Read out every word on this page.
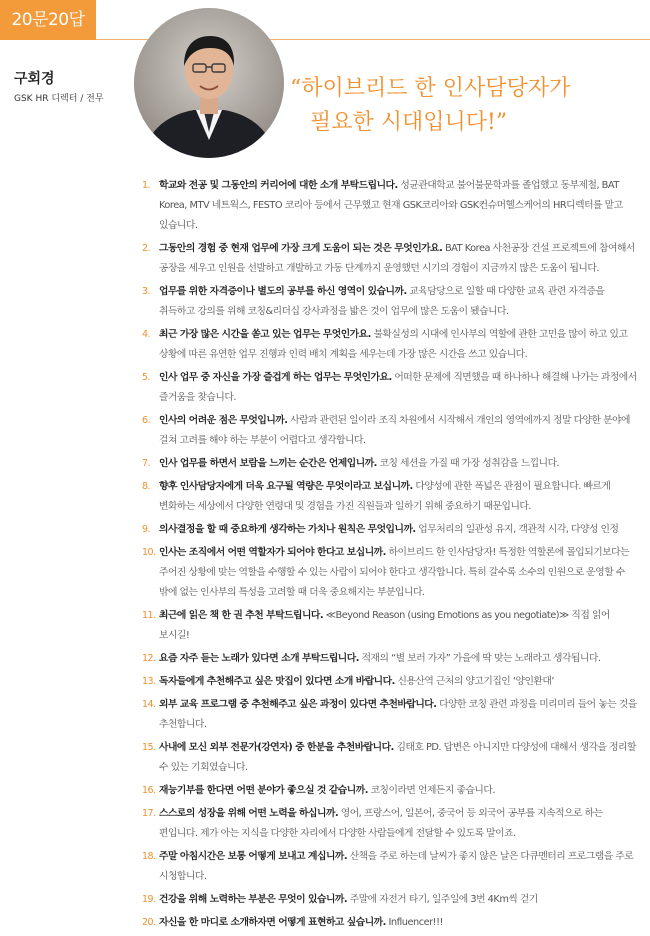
20문20답
구회경
GSK HR 디렉터 / 전무	“하이브리드 한 인사담당자가
필요한 시대입니다!”
1. 학교와 전공 및 그동안의 커리어에 대한 소개 부탁드립니다. 성균관대학교 불어불문학과를 졸업했고 동부제철, BAT Korea, MTV 네트웍스, FESTO 코리아 등에서 근무했고 현재 GSK코리아와 GSK컨슈머헬스케어의 HR디렉터를 맡고 있습니다.
2. 그동안의 경험 중 현재 업무에 가장 크게 도움이 되는 것은 무엇인가요. BAT Korea 사천공장 건설 프로젝트에 참여해서 공장을 세우고 인원을 선발하고 개발하고 가동 단계까지 운영했던 시기의 경험이 지금까지 많은 도움이 됩니다.
3. 업무를 위한 자격증이나 별도의 공부를 하신 영역이 있습니까. 교육담당으로 일할 때 다양한 교육 관련 자격증을 취득하고 강의를 위해 코칭&리더십 강사과정을 밟은 것이 업무에 많은 도움이 됐습니다.
4. 최근 가장 많은 시간을 쏟고 있는 업무는 무엇인가요. 불확실성의 시대에 인사부의 역할에 관한 고민을 많이 하고 있고 상황에 따른 유연한 업무 진행과 인력 배치 계획을 세우는데 가장 많은 시간을 쓰고 있습니다.
5. 인사 업무 중 자신을 가장 즐겁게 하는 업무는 무엇인가요. 어떠한 문제에 직면했을 때 하나하나 해결해 나가는 과정에서 즐거움을 찾습니다.
6. 인사의 어려운 점은 무엇입니까. 사람과 관련된 일이라 조직 차원에서 시작해서 개인의 영역에까지 정말 다양한 분야에 걸쳐 고려를 해야 하는 부분이 어렵다고 생각합니다.
7. 인사 업무를 하면서 보람을 느끼는 순간은 언제입니까. 코칭 세션을 가질 때 가장 성취감을 느낍니다.
8. 향후 인사담당자에게 더욱 요구될 역량은 무엇이라고 보십니까. 다양성에 관한 폭넓은 관점이 필요합니다. 빠르게 변화하는 세상에서 다양한 연령대 및 경험을 가진 직원들과 일하기 위해 중요하기 때문입니다.
9. 의사결정을 할 때 중요하게 생각하는 가치나 원칙은 무엇입니까. 업무처리의 일관성 유지, 객관적 시각, 다양성 인정
10. 인사는 조직에서 어떤 역할자가 되어야 한다고 보십니까. 하이브리드 한 인사담당자! 특정한 역할론에 몰입되기보다는 주어진 상황에 맞는 역할을 수행할 수 있는 사람이 되어야 한다고 생각합니다. 특히 갈수록 소수의 인원으로 운영할 수 밖에 없는 인사부의 특성을 고려할 때 더욱 중요해지는 부분입니다.
11. 최근에 읽은 책 한 권 추천 부탁드립니다. ≪Beyond Reason (using Emotions as you negotiate)≫ 직접 읽어 보시길!
12. 요즘 자주 듣는 노래가 있다면 소개 부탁드립니다. 적재의 “별 보러 가자” 가을에 딱 맞는 노래라고 생각됩니다.
13. 독자들에게 추천해주고 싶은 맛집이 있다면 소개 바랍니다. 신용산역 근처의 양고기집인 ‘양인환대’
14. 외부 교육 프로그램 중 추천해주고 싶은 과정이 있다면 추천바랍니다. 다양한 코칭 관련 과정을 미리미리 들어 놓는 것을 추천합니다.
15. 사내에 모신 외부 전문가(강연자) 중 한분을 추천바랍니다. 김태호 PD. 답변은 아니지만 다양성에 대해서 생각을 정리할 수 있는 기회였습니다.
16. 재능기부를 한다면 어떤 분야가 좋으실 것 같습니까. 코칭이라면 언제든지 좋습니다.
17. 스스로의 성장을 위해 어떤 노력을 하십니까. 영어, 프랑스어, 일본어, 중국어 등 외국어 공부를 지속적으로 하는 편입니다. 제가 아는 지식을 다양한 자리에서 다양한 사람들에게 전달할 수 있도록 말이죠.
18. 주말 아침시간은 보통 어떻게 보내고 계십니까. 산책을 주로 하는데 날씨가 좋지 않은 날은 다큐멘터리 프로그램을 주로 시청합니다.
19. 건강을 위해 노력하는 부분은 무엇이 있습니까. 주말에 자전거 타기, 일주일에 3번 4Km씩 걷기
20. 자신을 한 마디로 소개하자면 어떻게 표현하고 싶습니까. Influencer!!!
